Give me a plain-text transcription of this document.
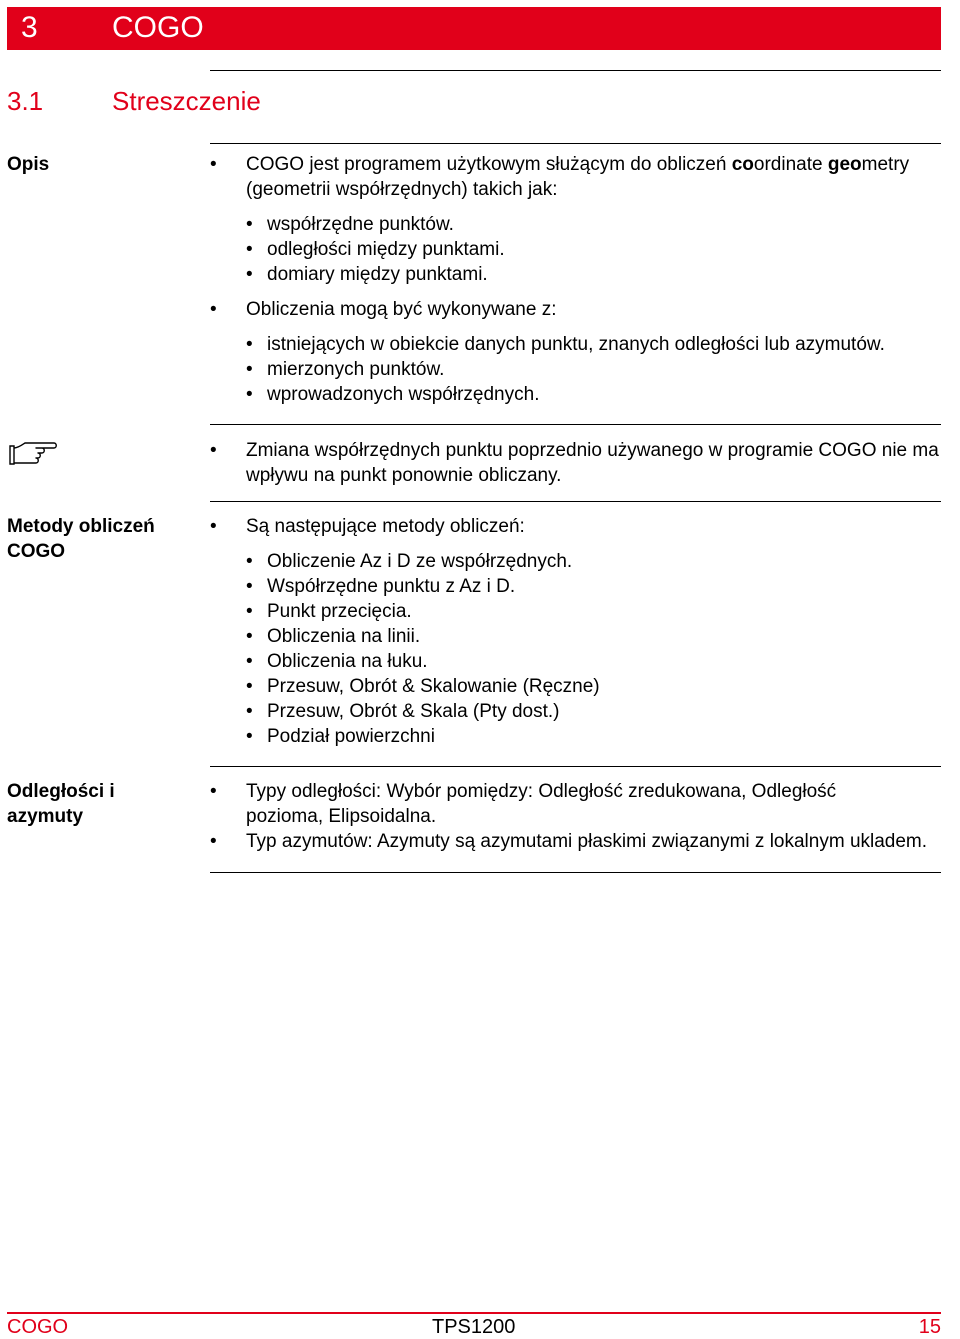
3 COGO
3.1	Streszczenie
Opis	• COGO jest programem użytkowym służącym do obliczeń coordinate geometry
(geometrii współrzędnych) takich jak:
• współrzędne punktów.
• odległości między punktami.
• domiary między punktami.
• Obliczenia mogą być wykonywane z:
• istniejących w obiekcie danych punktu, znanych odległości lub azymutów.
• mierzonych punktów.
• wprowadzonych współrzędnych.
• Zmiana współrzędnych punktu poprzednio używanego w programie COGO nie ma wpływu na punkt ponownie obliczany.
Metody obliczeń
COGO
• Są następujące metody obliczeń:
• Obliczenie Az i D ze współrzędnych.
• Współrzędne punktu z Az i D.
• Punkt przecięcia.
• Obliczenia na linii.
• Obliczenia na łuku.
• Przesuw, Obrót & Skalowanie (Ręczne)
• Przesuw, Obrót & Skala (Pty dost.)
• Podział powierzchni
Odległości i
azymuty
• Typy odległości: Wybór pomiędzy: Odległość zredukowana, Odległość pozioma, Elipsoidalna.
• Typ azymutów: Azymuty są azymutami płaskimi związanymi z lokalnym ukladem.
COGO	TPS1200	15
